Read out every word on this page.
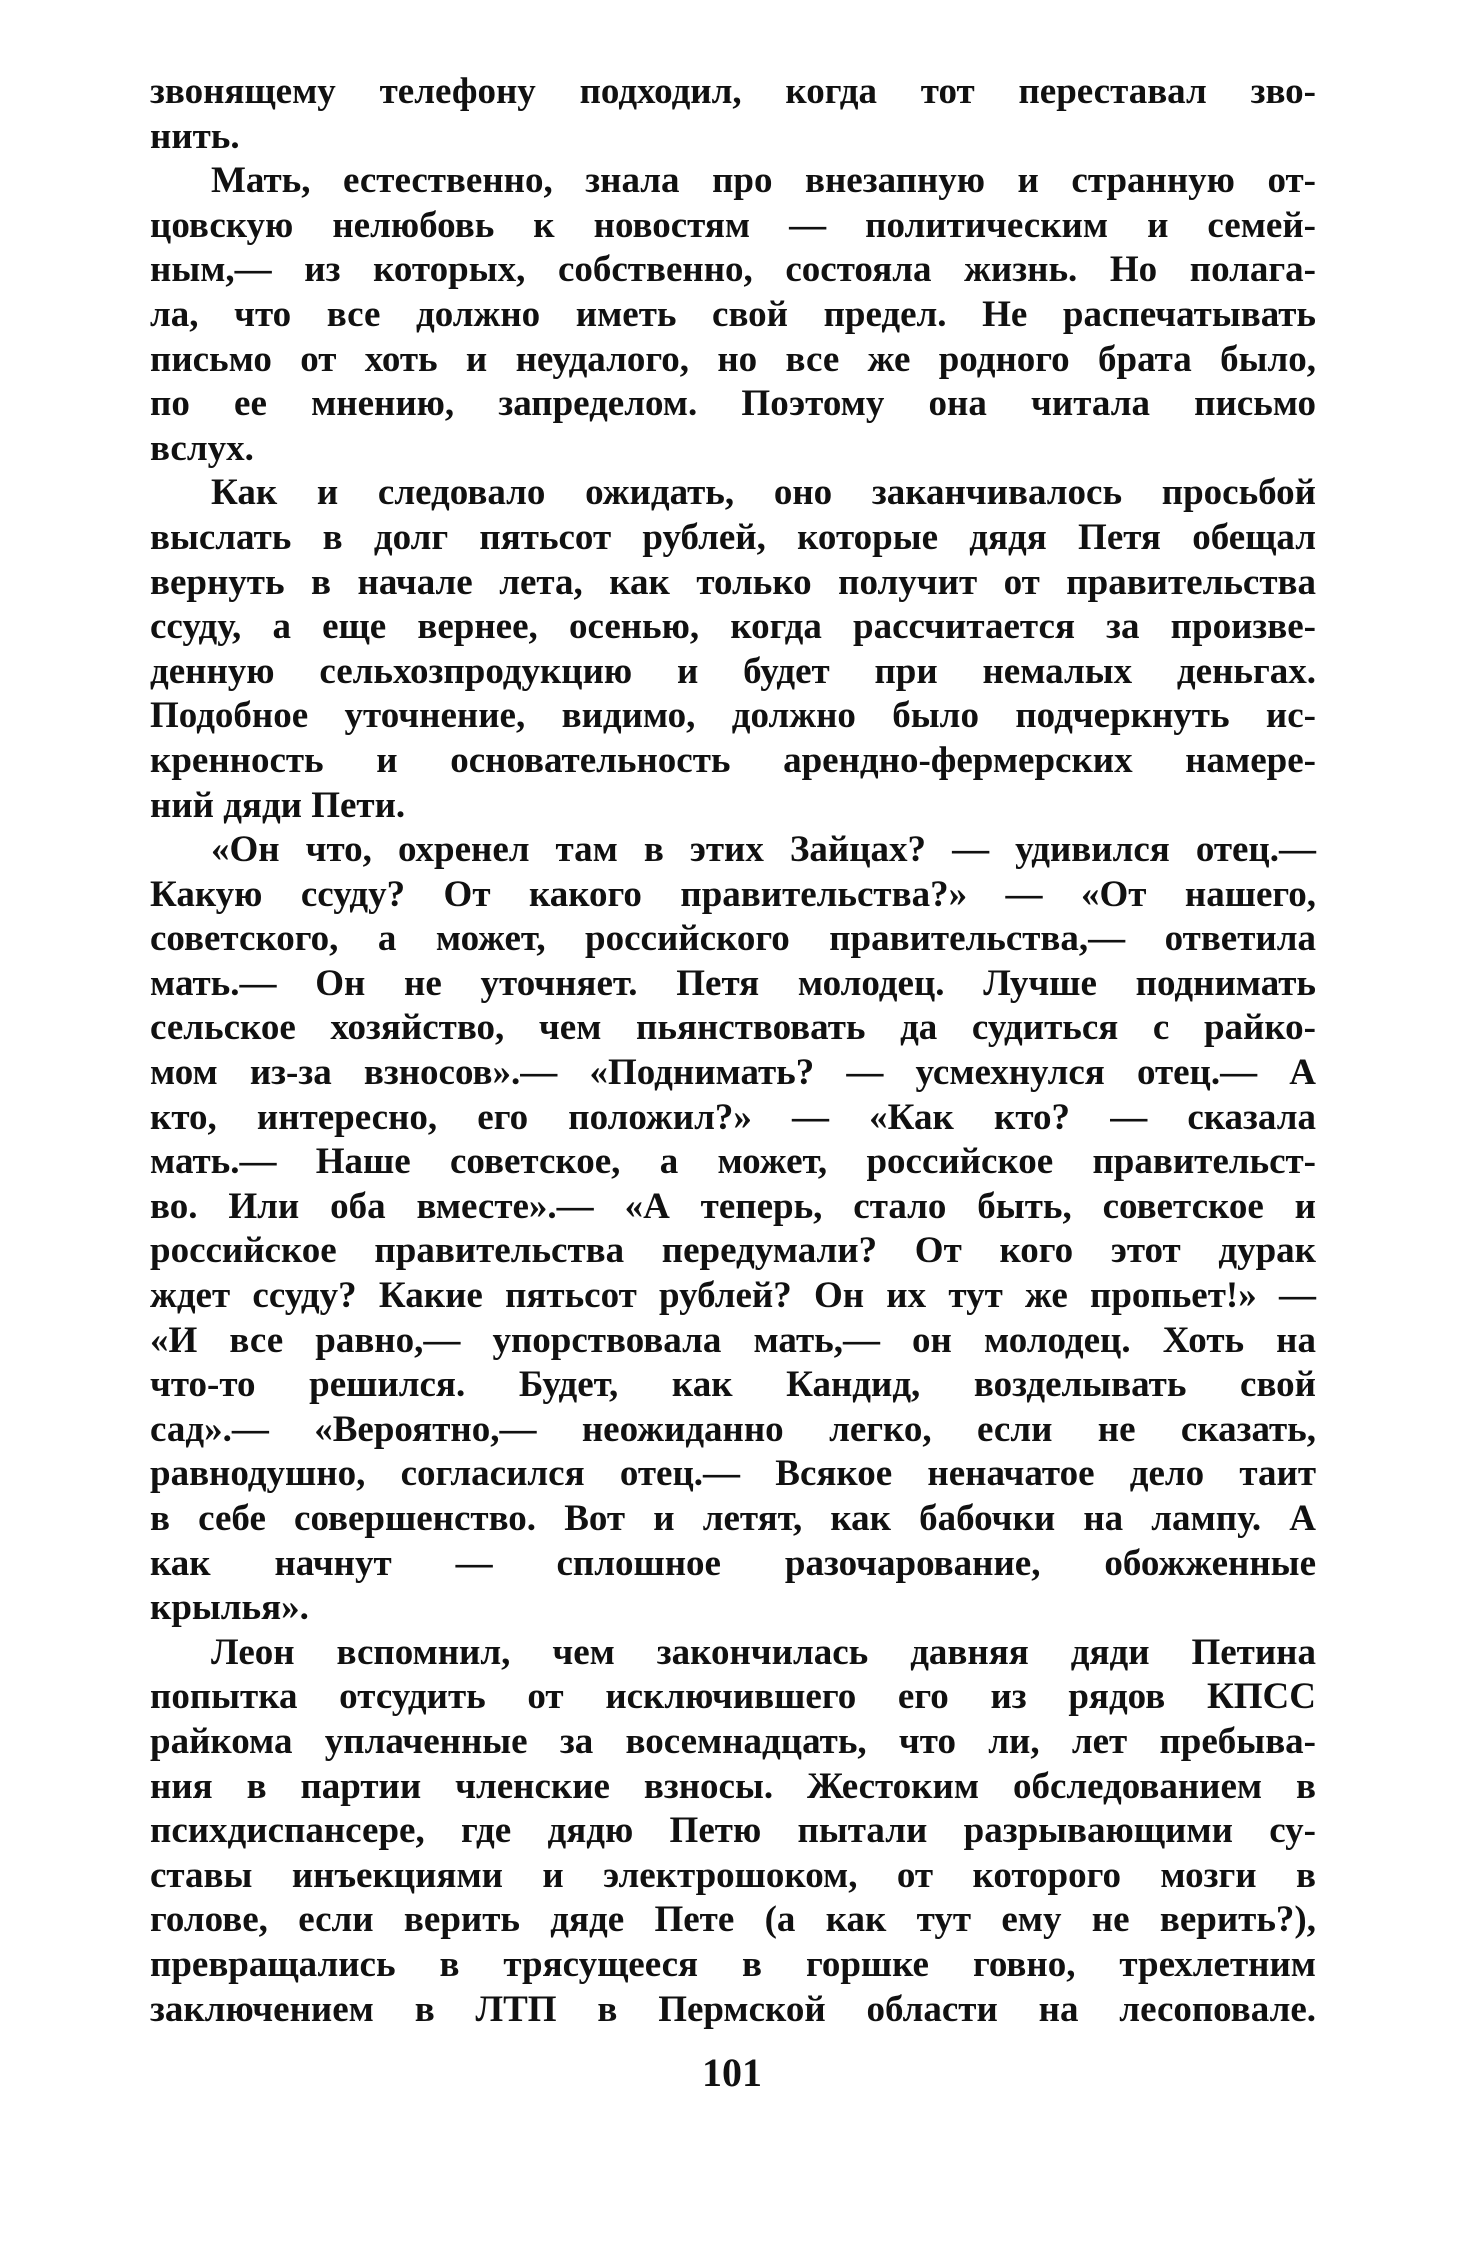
звонящему телефону подходил, когда тот переставал зво-
нить.
Мать, естественно, знала про внезапную и странную от-
цовскую нелюбовь к новостям — политическим и семей-
ным,— из которых, собственно, состояла жизнь. Но полага-
ла, что все должно иметь свой предел. Не распечатывать
письмо от хоть и неудалого, но все же родного брата было,
по ее мнению, запределом. Поэтому она читала письмо
вслух.
Как и следовало ожидать, оно заканчивалось просьбой
выслать в долг пятьсот рублей, которые дядя Петя обещал
вернуть в начале лета, как только получит от правительства
ссуду, а еще вернее, осенью, когда рассчитается за произве-
денную сельхозпродукцию и будет при немалых деньгах.
Подобное уточнение, видимо, должно было подчеркнуть ис-
кренность и основательность арендно-фермерских намере-
ний дяди Пети.
«Он что, охренел там в этих Зайцах? — удивился отец.—
Какую ссуду? От какого правительства?» — «От нашего,
советского, а может, российского правительства,— ответила
мать.— Он не уточняет. Петя молодец. Лучше поднимать
сельское хозяйство, чем пьянствовать да судиться с райко-
мом из-за взносов».— «Поднимать? — усмехнулся отец.— А
кто, интересно, его положил?» — «Как кто? — сказала
мать.— Наше советское, а может, российское правительст-
во. Или оба вместе».— «А теперь, стало быть, советское и
российское правительства передумали? От кого этот дурак
ждет ссуду? Какие пятьсот рублей? Он их тут же пропьет!» —
«И все равно,— упорствовала мать,— он молодец. Хоть на
что-то решился. Будет, как Кандид, возделывать свой
сад».— «Вероятно,— неожиданно легко, если не сказать,
равнодушно, согласился отец.— Всякое неначатое дело таит
в себе совершенство. Вот и летят, как бабочки на лампу. А
как начнут — сплошное разочарование, обожженные
крылья».
Леон вспомнил, чем закончилась давняя дяди Петина
попытка отсудить от исключившего его из рядов КПСС
райкома уплаченные за восемнадцать, что ли, лет пребыва-
ния в партии членские взносы. Жестоким обследованием в
психдиспансере, где дядю Петю пытали разрывающими су-
ставы инъекциями и электрошоком, от которого мозги в
голове, если верить дяде Пете (а как тут ему не верить?),
превращались в трясущееся в горшке говно, трехлетним
заключением в ЛТП в Пермской области на лесоповале.
101
